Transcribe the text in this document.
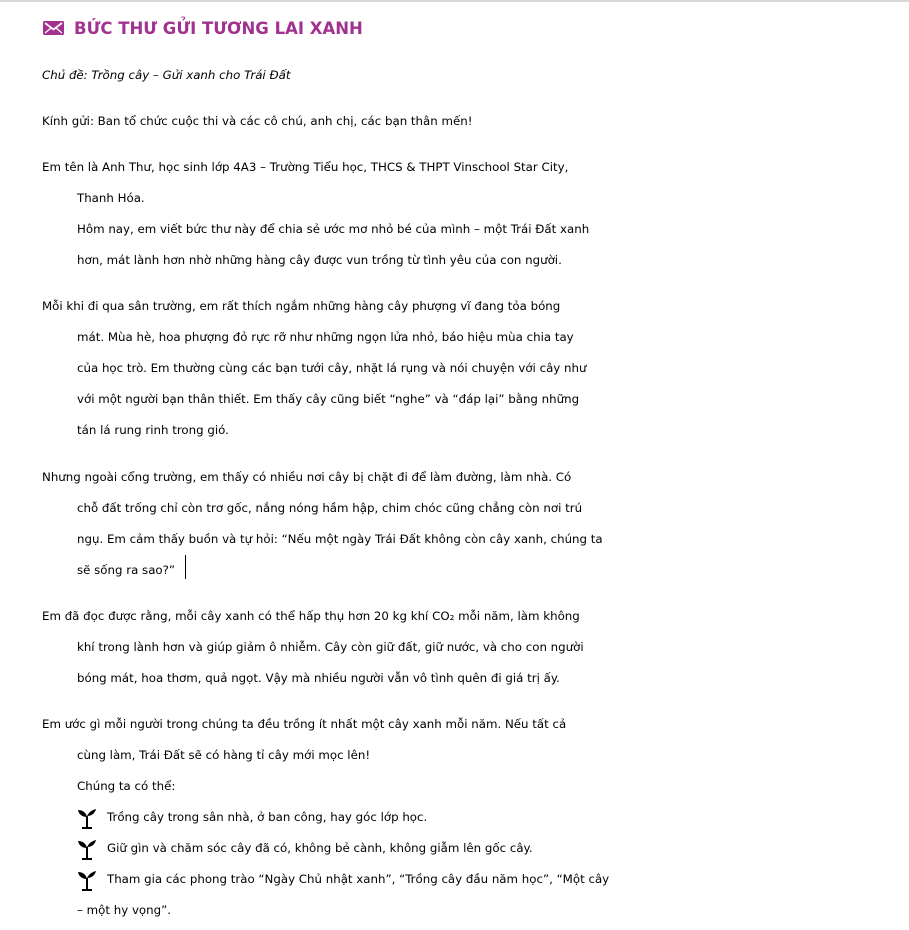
BỨC THƯ GỬI TƯƠNG LAI XANH
Chủ đề: Trồng cây – Gửi xanh cho Trái Đất
Kính gửi: Ban tổ chức cuộc thi và các cô chú, anh chị, các bạn thân mến!
Em tên là Anh Thư, học sinh lớp 4A3 – Trường Tiểu học, THCS & THPT Vinschool Star City,
Thanh Hóa.
Hôm nay, em viết bức thư này để chia sẻ ước mơ nhỏ bé của mình – một Trái Đất xanh
hơn, mát lành hơn nhờ những hàng cây được vun trồng từ tình yêu của con người.
Mỗi khi đi qua sân trường, em rất thích ngắm những hàng cây phượng vĩ đang tỏa bóng
mát. Mùa hè, hoa phượng đỏ rực rỡ như những ngọn lửa nhỏ, báo hiệu mùa chia tay
của học trò. Em thường cùng các bạn tưới cây, nhặt lá rụng và nói chuyện với cây như
với một người bạn thân thiết. Em thấy cây cũng biết “nghe” và “đáp lại” bằng những
tán lá rung rinh trong gió.
Nhưng ngoài cổng trường, em thấy có nhiều nơi cây bị chặt đi để làm đường, làm nhà. Có
chỗ đất trống chỉ còn trơ gốc, nắng nóng hầm hập, chim chóc cũng chẳng còn nơi trú
ngụ. Em cảm thấy buồn và tự hỏi: “Nếu một ngày Trái Đất không còn cây xanh, chúng ta
sẽ sống ra sao?”
Em đã đọc được rằng, mỗi cây xanh có thể hấp thụ hơn 20 kg khí CO₂ mỗi năm, làm không
khí trong lành hơn và giúp giảm ô nhiễm. Cây còn giữ đất, giữ nước, và cho con người
bóng mát, hoa thơm, quả ngọt. Vậy mà nhiều người vẫn vô tình quên đi giá trị ấy.
Em ước gì mỗi người trong chúng ta đều trồng ít nhất một cây xanh mỗi năm. Nếu tất cả
cùng làm, Trái Đất sẽ có hàng tỉ cây mới mọc lên!
Chúng ta có thể:
Trồng cây trong sân nhà, ở ban công, hay góc lớp học.
Giữ gìn và chăm sóc cây đã có, không bẻ cành, không giẫm lên gốc cây.
Tham gia các phong trào “Ngày Chủ nhật xanh”, “Trồng cây đầu năm học”, “Một cây
– một hy vọng”.
